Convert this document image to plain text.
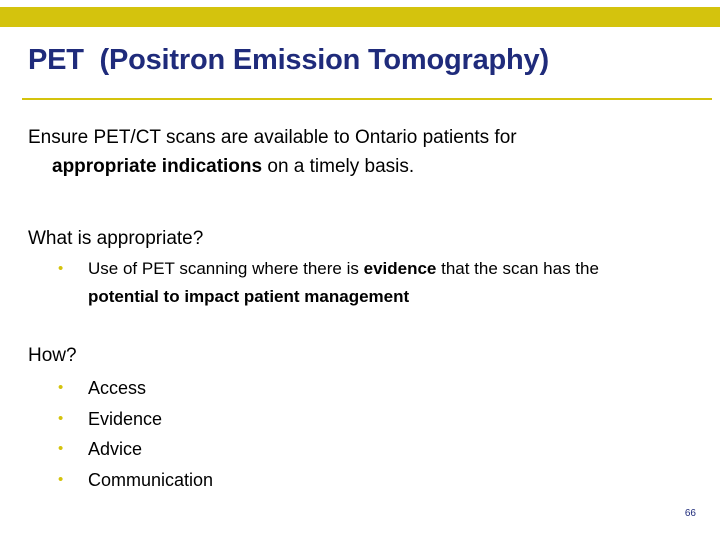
PET  (Positron Emission Tomography)

Ensure PET/CT scans are available to Ontario patients for
appropriate indications on a timely basis.

What is appropriate?

• Use of PET scanning where there is evidence that the scan has the
potential to impact patient management

How?

• Access
• Evidence
• Advice
• Communication
66
